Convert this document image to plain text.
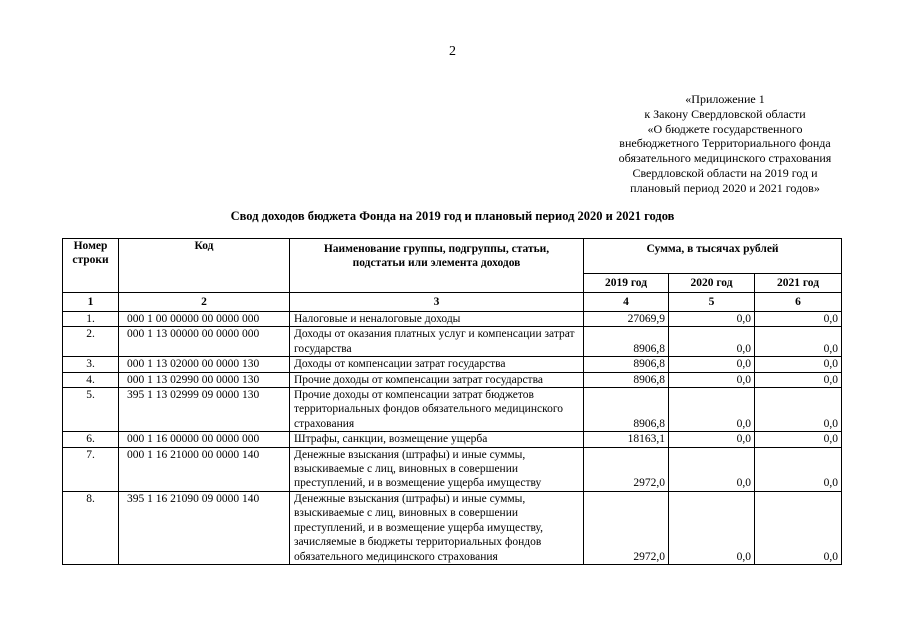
2
«Приложение 1
к Закону Свердловской области
«О бюджете государственного
внебюджетного Территориального фонда
обязательного медицинского страхования
Свердловской области на 2019 год и
плановый период 2020 и 2021 годов»
Свод доходов бюджета Фонда на 2019 год и плановый период 2020 и 2021 годов
Номер строки	Код	Наименование группы, подгруппы, статьи, подстатьи или элемента доходов	Сумма, в тысячах рублей		
			2019 год	2020 год	2021 год
1	2	3	4	5	6
1.	000 1 00 00000 00 0000 000	Налоговые и неналоговые доходы	27069,9	0,0	0,0
2.	000 1 13 00000 00 0000 000	Доходы от оказания платных услуг и компенсации затрат государства	8906,8	0,0	0,0
3.	000 1 13 02000 00 0000 130	Доходы от компенсации затрат государства	8906,8	0,0	0,0
4.	000 1 13 02990 00 0000 130	Прочие доходы от компенсации затрат государства	8906,8	0,0	0,0
5.	395 1 13 02999 09 0000 130	Прочие доходы от компенсации затрат бюджетов территориальных фондов обязательного медицинского страхования	8906,8	0,0	0,0
6.	000 1 16 00000 00 0000 000	Штрафы, санкции, возмещение ущерба	18163,1	0,0	0,0
7.	000 1 16 21000 00 0000 140	Денежные взыскания (штрафы) и иные суммы, взыскиваемые с лиц, виновных в совершении преступлений, и в возмещение ущерба имуществу	2972,0	0,0	0,0
8.	395 1 16 21090 09 0000 140	Денежные взыскания (штрафы) и иные суммы, взыскиваемые с лиц, виновных в совершении преступлений, и в возмещение ущерба имуществу, зачисляемые в бюджеты территориальных фондов обязательного медицинского страхования	2972,0	0,0	0,0
